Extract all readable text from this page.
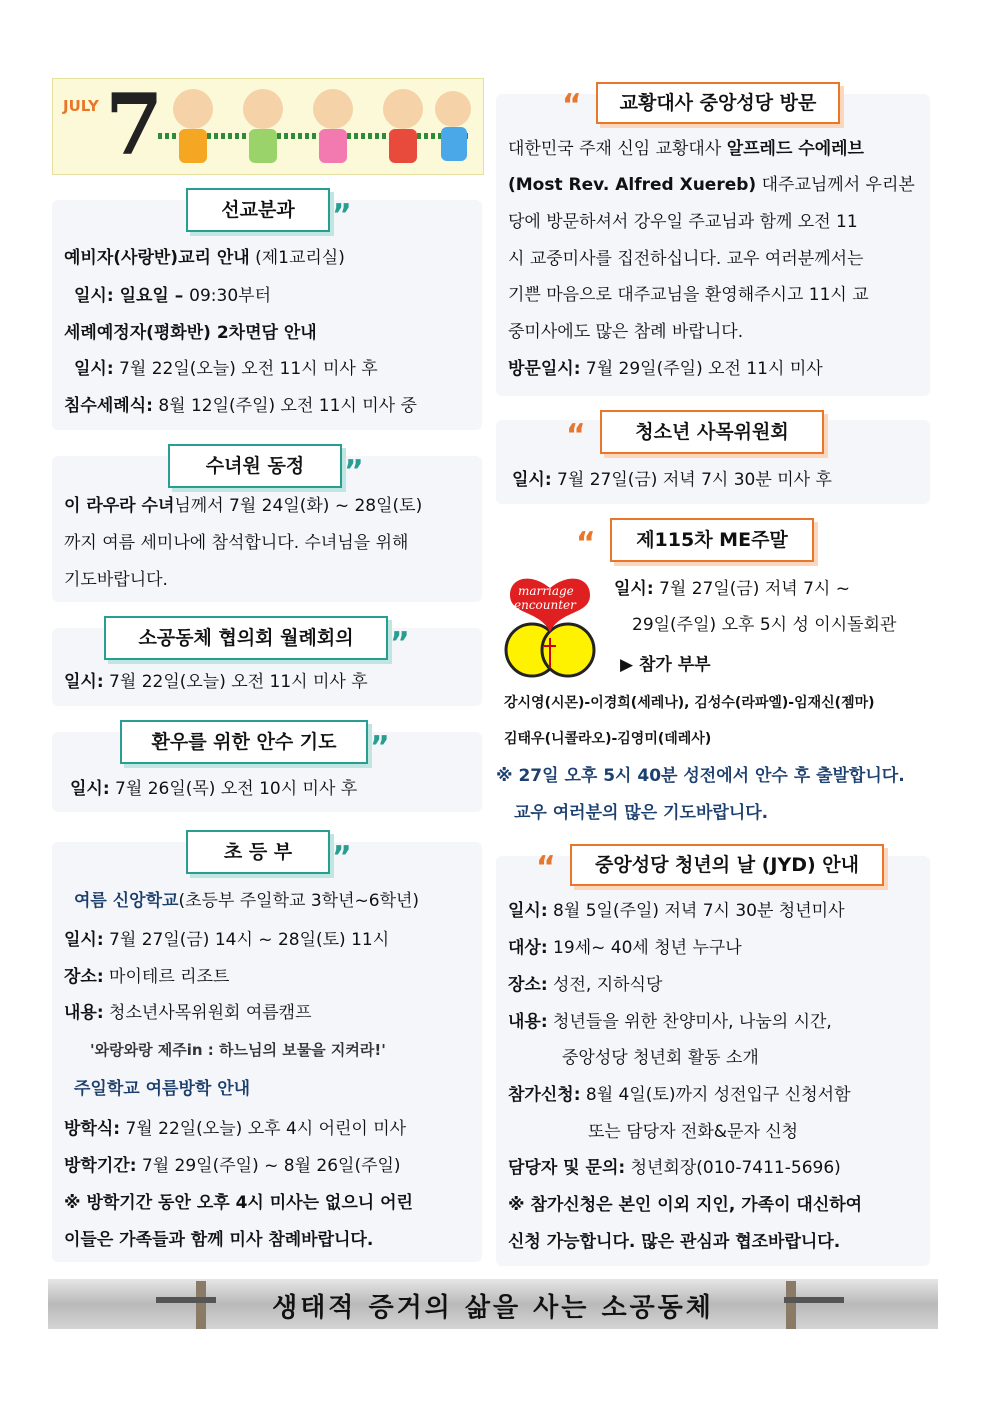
JULY 7
선교분과	”
예비자(사랑반)교리 안내 (제1교리실)
일시: 일요일 – 09:30부터
세례예정자(평화반) 2차면담 안내
일시: 7월 22일(오늘) 오전 11시 미사 후
침수세례식: 8월 12일(주일) 오전 11시 미사 중
수녀원 동정	”
이 라우라 수녀님께서 7월 24일(화) ~ 28일(토)
까지 여름 세미나에 참석합니다. 수녀님을 위해
기도바랍니다.
소공동체 협의회 월례회의	”
일시: 7월 22일(오늘) 오전 11시 미사 후
환우를 위한 안수 기도	”
일시: 7월 26일(목) 오전 10시 미사 후
초 등 부	”
여름 신앙학교(초등부 주일학교 3학년~6학년)
일시: 7월 27일(금) 14시 ~ 28일(토) 11시
장소: 마이테르 리조트
내용: 청소년사목위원회 여름캠프
'와랑와랑 제주in : 하느님의 보물을 지켜라!'
주일학교 여름방학 안내
방학식: 7월 22일(오늘) 오후 4시 어린이 미사
방학기간: 7월 29일(주일) ~ 8월 26일(주일)
※ 방학기간 동안 오후 4시 미사는 없으니 어린
이들은 가족들과 함께 미사 참례바랍니다.
“	교황대사 중앙성당 방문
대한민국 주재 신임 교황대사 알프레드 수에레브
(Most Rev. Alfred Xuereb) 대주교님께서 우리본
당에 방문하셔서 강우일 주교님과 함께 오전 11
시 교중미사를 집전하십니다. 교우 여러분께서는
기쁜 마음으로 대주교님을 환영해주시고 11시 교
중미사에도 많은 참례 바랍니다.
방문일시: 7월 29일(주일) 오전 11시 미사
“	청소년 사목위원회
일시: 7월 27일(금) 저녁 7시 30분 미사 후
“	제115차 ME주말
marriage
encounter
일시: 7월 27일(금) 저녁 7시 ~
29일(주일) 오후 5시 성 이시돌회관
▶ 참가 부부
강시영(시몬)-이경희(세레나), 김성수(라파엘)-임재신(젬마)
김태우(니콜라오)-김영미(데레사)
※ 27일 오후 5시 40분 성전에서 안수 후 출발합니다.
교우 여러분의 많은 기도바랍니다.
“	중앙성당 청년의 날 (JYD) 안내
일시: 8월 5일(주일) 저녁 7시 30분 청년미사
대상: 19세~ 40세 청년 누구나
장소: 성전, 지하식당
내용: 청년들을 위한 찬양미사, 나눔의 시간,
중앙성당 청년회 활동 소개
참가신청: 8월 4일(토)까지 성전입구 신청서함
또는 담당자 전화&문자 신청
담당자 및 문의: 청년회장(010-7411-5696)
※ 참가신청은 본인 이외 지인, 가족이 대신하여
신청 가능합니다. 많은 관심과 협조바랍니다.
생태적 증거의 삶을 사는 소공동체
